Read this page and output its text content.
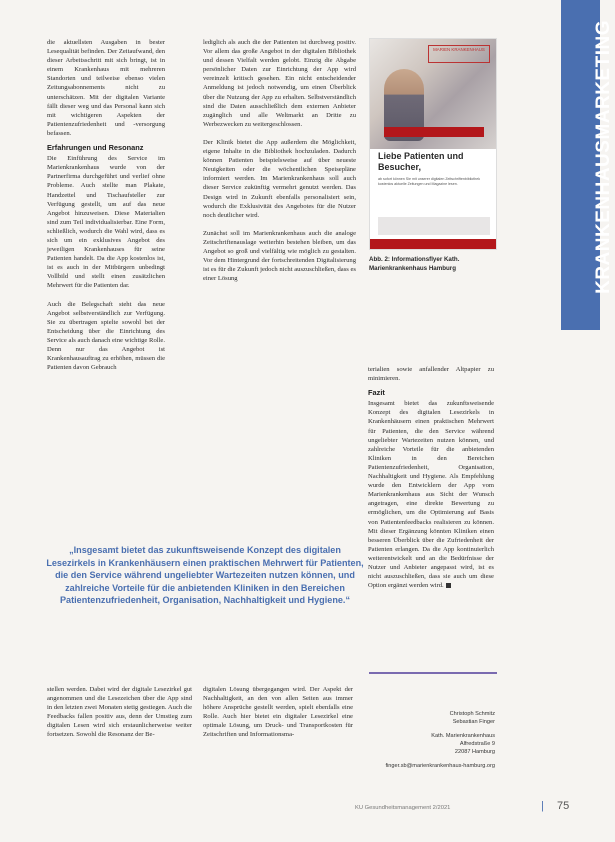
KRANKENHAUSMARKETING

die aktuellsten Ausgaben in bester Lesequalität befinden. Der Zeitaufwand, den dieser Arbeitsschritt mit sich bringt, ist in einem Krankenhaus mit mehreren Standorten und teilweise ebenso vielen Zeitungsabonnements nicht zu unterschätzen. Mit der digitalen Variante fällt dieser weg und das Personal kann sich mit wichtigeren Aspekten der Patientenzufriedenheit und -versorgung befassen.

Erfahrungen und Resonanz

Die Einführung des Service im Marienkrankenhaus wurde von der Partnerfirma durchgeführt und verlief ohne Probleme. Auch stellte man Plakate, Handzettel und Tischaufsteller zur Verfügung gestellt, um auf das neue Angebot hinzuweisen. Diese Materialien sind zum Teil individualisierbar. Eine Form, schließlich, wodurch die Wahl wird, dass es sich um ein exklusives Angebot des jeweiligen Krankenhauses für seine Patienten handelt. Da die App kostenlos ist, ist es auch in der Mitbürgern unbedingt Vollbild und stellt einen zusätzlichen Mehrwert für die Patienten dar.

Auch die Belegschaft steht das neue Angebot selbstverständlich zur Verfügung. Sie zu übertragen spielte sowohl bei der Entscheidung über die Einrichtung des Service als auch danach eine wichtige Rolle. Denn nur das Angebot ist Krankenhausauftrag zu erhöhen, müssen die Patienten davon Gebrauch

lediglich als auch die der Patienten ist durchweg positiv. Vor allem das große Angebot in der digitalen Bibliothek und dessen Vielfalt werden gelobt. Einzig die Abgabe persönlicher Daten zur Einrichtung der App wird vereinzelt kritisch gesehen. Ein nicht entscheidender Anmeldung ist jedoch notwendig, um einen Überblick über die Nutzung der App zu erhalten. Selbstverständlich sind die Daten ausschließlich dem externen Anbieter zugänglich und alle Weltmarkt an Dritte zu Werbezwecken zu weitergeschlossen.

Der Klinik bietet die App außerdem die Möglichkeit, eigene Inhalte in die Bibliothek hochzuladen. Dadurch können Patienten beispielsweise auf über neueste Neuigkeiten oder die wöchentlichen Speisepläne informiert werden. Im Marienkrankenhaus soll auch dieser Service zukünftig vermehrt genutzt werden. Das Design wird in Zukunft ebenfalls personalisiert sein, wodurch die Exklusivität des Angebotes für die Nutzer noch deutlicher wird.

Zunächst soll im Marienkrankenhaus auch die analoge Zeitschriftenauslage weiterhin bestehen bleiben, um das Angebot so groß und vielfältig wie möglich zu gestalten. Vor dem Hintergrund der fortschreitenden Digitalisierung ist es für die Zukunft jedoch nicht auszuschließen, dass es einer Lösung

MARIEN KRANKENHAUS
Liebe Patienten und Besucher,
ab sofort können Sie mit unserer digitalen Zeitschriftenbibliothek kostenlos aktuelle Zeitungen und Magazine lesen.
Abb. 2: Informationsflyer Kath. Marienkrankenhaus Hamburg

terialien sowie anfallender Altpapier zu minimieren.

Fazit

Insgesamt bietet das zukunftsweisende Konzept des digitalen Lesezirkels in Krankenhäusern einen praktischen Mehrwert für Patienten, die den Service während ungeliebter Wartezeiten nutzen können, und zahlreiche Vorteile für die anbietenden Kliniken in den Bereichen Patientenzufriedenheit, Organisation, Nachhaltigkeit und Hygiene. Als Empfehlung wurde den Entwicklern der App vom Marienkrankenhaus aus Sicht der Wunsch angetragen, eine direkte Bewertung zu ermöglichen, um die Optimierung auf Basis von Patientenfeedbacks realisieren zu können. Mit dieser Ergänzung könnten Kliniken einen besseren Überblick über die Zufriedenheit der Patienten erlangen. Da die App kontinuierlich weiterentwickelt und an die Bedürfnisse der Nutzer und Anbieter angepasst wird, ist es nicht auszuschließen, dass sie auch um diese Option ergänzt werden wird.

„Insgesamt bietet das zukunftsweisende Konzept des digitalen Lesezirkels in Krankenhäusern einen praktischen Mehrwert für Patienten, die den Service während ungeliebter Wartezeiten nutzen können, und zahlreiche Vorteile für die anbietenden Kliniken in den Bereichen Patientenzufriedenheit, Organisation, Nachhaltigkeit und Hygiene.“

stellen werden. Dabei wird der digitale Lesezirkel gut angenommen und die Lesezeichen über die App sind in den letzten zwei Monaten stetig gestiegen. Auch die Feedbacks fallen positiv aus, denn der Umstieg zum digitalen Lesen wird sich erstaunlicherweise weiter fortsetzen. Sowohl die Resonanz der Be-

digitalen Lösung übergegangen wird. Der Aspekt der Nachhaltigkeit, an den von allen Seiten aus immer höhere Ansprüche gestellt werden, spielt ebenfalls eine Rolle. Auch hier bietet ein digitaler Lesezirkel eine optimale Lösung, um Druck- und Transportkosten für Zeitschriften und Informationsma-

Christoph Schmitz
Sebastian Finger
Kath. Marienkrankenhaus
Alfredstraße 9
22087 Hamburg
finger.sb@marienkrankenhaus-hamburg.org
KU Gesundheitsmanagement 2/2021	| 75
